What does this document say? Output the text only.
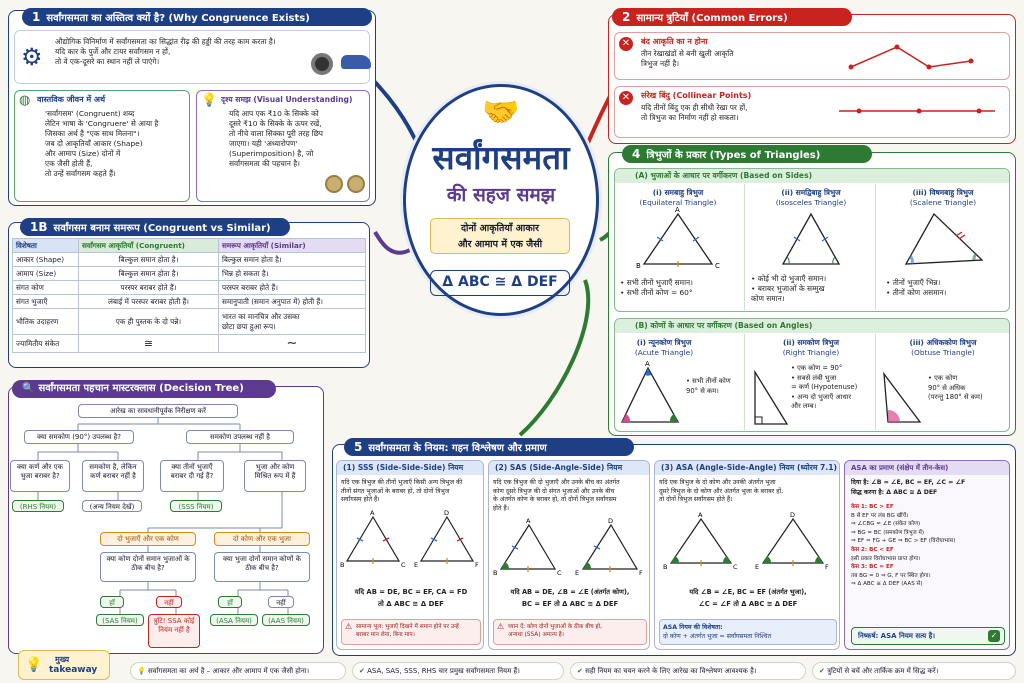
1 सर्वांगसमता का अस्तित्व क्यों है? (Why Congruence Exists)
⚙
औद्योगिक विनिर्माण में सर्वांगसमता का सिद्धांत रीढ़ की हड्डी की तरह काम करता है।
यदि कार के पुर्जे और टायर सर्वांगसम न हों,
तो वे एक-दूसरे का स्थान नहीं ले पाएंगे।
◍ वास्तविक जीवन में अर्थ
'सर्वांगसम' (Congruent) शब्द
लेटिन भाषा के 'Congruere' से आया है
जिसका अर्थ है "एक साथ मिलना"।
जब दो आकृतियाँ आकार (Shape)
और आमाप (Size) दोनों में
एक जैसी होती हैं,
तो उन्हें सर्वांगसम कहते हैं।
💡 दृश्य समझ (Visual Understanding)
यदि आप एक ₹10 के सिक्के को
दूसरे ₹10 के सिक्के के ऊपर रखें,
तो नीचे वाला सिक्का पूरी तरह छिप
जाएगा। यही 'अध्यारोपण'
(Superimposition) है, जो
सर्वांगसमता की पहचान है।
1B सर्वांगसम बनाम समरूप (Congruent vs Similar)
विशेषता	सर्वांगसम आकृतियाँ (Congruent)	समरूप आकृतियाँ (Similar)
आकार (Shape)	बिल्कुल समान होता है।	बिल्कुल समान होता है।
आमाप (Size)	बिल्कुल समान होता है।	भिन्न हो सकता है।
संगत कोण	परस्पर बराबर होते हैं।	परस्पर बराबर होते हैं।
संगत भुजाएँ	लंबाई में परस्पर बराबर होती हैं।	समानुपाती (समान अनुपात में) होती हैं।
भौतिक उदाहरण	एक ही पुस्तक के दो पन्ने।	भारत का मानचित्र और उसका
छोटा छपा हुआ रूप।

ज्यामितीय संकेत	≅	∼
🤝
सर्वांगसमता
की सहज समझ
दोनों आकृतियाँ आकार
और आमाप में एक जैसी
Δ ABC ≅ Δ DEF
2 सामान्य त्रुटियाँ (Common Errors)
✕	बंद आकृति का न होना
तीन रेखाखंडों से बनी खुली आकृति
त्रिभुज नहीं है।
✕	संरेख बिंदु (Collinear Points)
यदि तीनों बिंदु एक ही सीधी रेखा पर हों,
तो त्रिभुज का निर्माण नहीं हो सकता।
4 त्रिभुजों के प्रकार (Types of Triangles)
(A) भुजाओं के आधार पर वर्गीकरण (Based on Sides)
(B) कोणों के आधार पर वर्गीकरण (Based on Angles)
(i) समबाहु त्रिभुज
(Equilateral Triangle)
A
B	C
• सभी तीनों भुजाएँ समान।
• सभी तीनों कोण = 60°
(ii) समद्विबाहु त्रिभुज
(Isosceles Triangle)
• कोई भी दो भुजाएँ समान।
• बराबर भुजाओं के सम्मुख
कोण समान।
(iii) विषमबाहु त्रिभुज
(Scalene Triangle)
• तीनों भुजाएँ भिन्न।
• तीनों कोण असमान।
(i) न्यूनकोण त्रिभुज
(Acute Triangle)
A
• सभी तीनों कोण
90° से कम।
(ii) समकोण त्रिभुज
(Right Triangle)
• एक कोण = 90°
• सबसे लंबी भुजा
= कर्ण (Hypotenuse)
• अन्य दो भुजाएँ आधार
और लम्ब।
(iii) अधिककोण त्रिभुज
(Obtuse Triangle)
• एक कोण
90° से अधिक
(परन्तु 180° से कम)
🔍 सर्वांगसमता पहचान मास्टरक्लास (Decision Tree)
आरेख का सावधानीपूर्वक निरीक्षण करें
क्या समकोण (90°) उपलब्ध है?	समकोण उपलब्ध नहीं है
क्या कर्ण और एक भुजा बराबर है?
समकोण है, लेकिन कर्ण बराबर नहीं है
क्या तीनों भुजाएँ बराबर दी गई हैं?
भुजा और कोण मिश्रित रूप में हैं
(RHS नियम)	(अन्य नियम देखें)	(SSS नियम)
दो भुजाएँ और एक कोण	दो कोण और एक भुजा
क्या कोण दोनों समान भुजाओं के ठीक बीच है?
क्या भुजा दोनों समान कोणों के ठीक बीच है?
हाँ	नहीं	हाँ	नहीं
(SAS नियम)	त्रुटि! SSA कोई नियम नहीं है
(ASA नियम)	(AAS नियम)
5 सर्वांगसमता के नियम: गहन विश्लेषण और प्रमाण
(1) SSS (Side-Side-Side) नियम
यदि एक त्रिभुज की तीनों भुजाएँ किसी अन्य त्रिभुज की
तीनों संगत भुजाओं के बराबर हों, तो दोनों त्रिभुज
सर्वांगसम होते हैं।
A
B	C
D
E	F
यदि AB = DE, BC = EF, CA = FD
तो Δ ABC ≅ Δ DEF
⚠ सामान्य भूल: भुजाएँ दिखने में समान होने पर उन्हें
बराबर मान लेना, बिना माप।
(2) SAS (Side-Angle-Side) नियम
यदि एक त्रिभुज की दो भुजाएँ और उनके बीच का अंतर्गत
कोण दूसरे त्रिभुज की दो संगत भुजाओं और उनके बीच
के अंतर्गत कोण के बराबर हो, तो दोनों त्रिभुज सर्वांगसम
होते हैं।
A
B	C
D
E	F
यदि AB = DE, ∠B = ∠E (अंतर्गत कोण),
BC = EF तो Δ ABC ≅ Δ DEF
⚠ ध्यान दें: कोण दोनों भुजाओं के ठीक बीच हो,
अन्यथा (SSA) अमान्य है।
(3) ASA (Angle-Side-Angle) नियम (थ्योरम 7.1)
यदि एक त्रिभुज के दो कोण और उनकी अंतर्गत भुजा
दूसरे त्रिभुज के दो कोण और अंतर्गत भुजा के बराबर हों,
तो दोनों त्रिभुज सर्वांगसम होते हैं।
A
B	C
D
E	F
यदि ∠B = ∠E, BC = EF (अंतर्गत भुजा),
∠C = ∠F तो Δ ABC ≅ Δ DEF
ASA नियम की विशेषता:
दो कोण + अंतर्गत भुजा = सर्वांगसमता निश्चित
ASA का प्रमाण (संक्षेप में तीन-केस)
दिया है: ∠B = ∠E, BC = EF, ∠C = ∠F
सिद्ध करना है: Δ ABC ≅ Δ DEF
केस 1: BC > EF
B से EF पर लंब BG खींचें।
⇒ ∠CBG = ∠E (संकेत कोण)
⇒ BG = BC (समकोण त्रिभुज में)
⇒ EF = FG + GE ⇒ BC > EF (विरोधाभास)
केस 2: BC < EF
इसी प्रकार विरोधाभास प्राप्त होगा।
केस 3: BC = EF
तब BG = 0 ⇒ G, F पर स्थित होगा।
⇒ Δ ABC ≅ Δ DEF (AAS से)
निष्कर्ष: ASA नियम सत्य है।	✓
💡 मुख्य
takeaway	💡 सर्वांगसमता का अर्थ है – आकार और आमाप में एक जैसी होना।	✔ ASA, SAS, SSS, RHS चार प्रमुख सर्वांगसमता नियम हैं।	✔ सही नियम का चयन करने के लिए आरेख का विश्लेषण आवश्यक है।	✔ त्रुटियों से बचें और तार्किक क्रम में सिद्ध करें।
